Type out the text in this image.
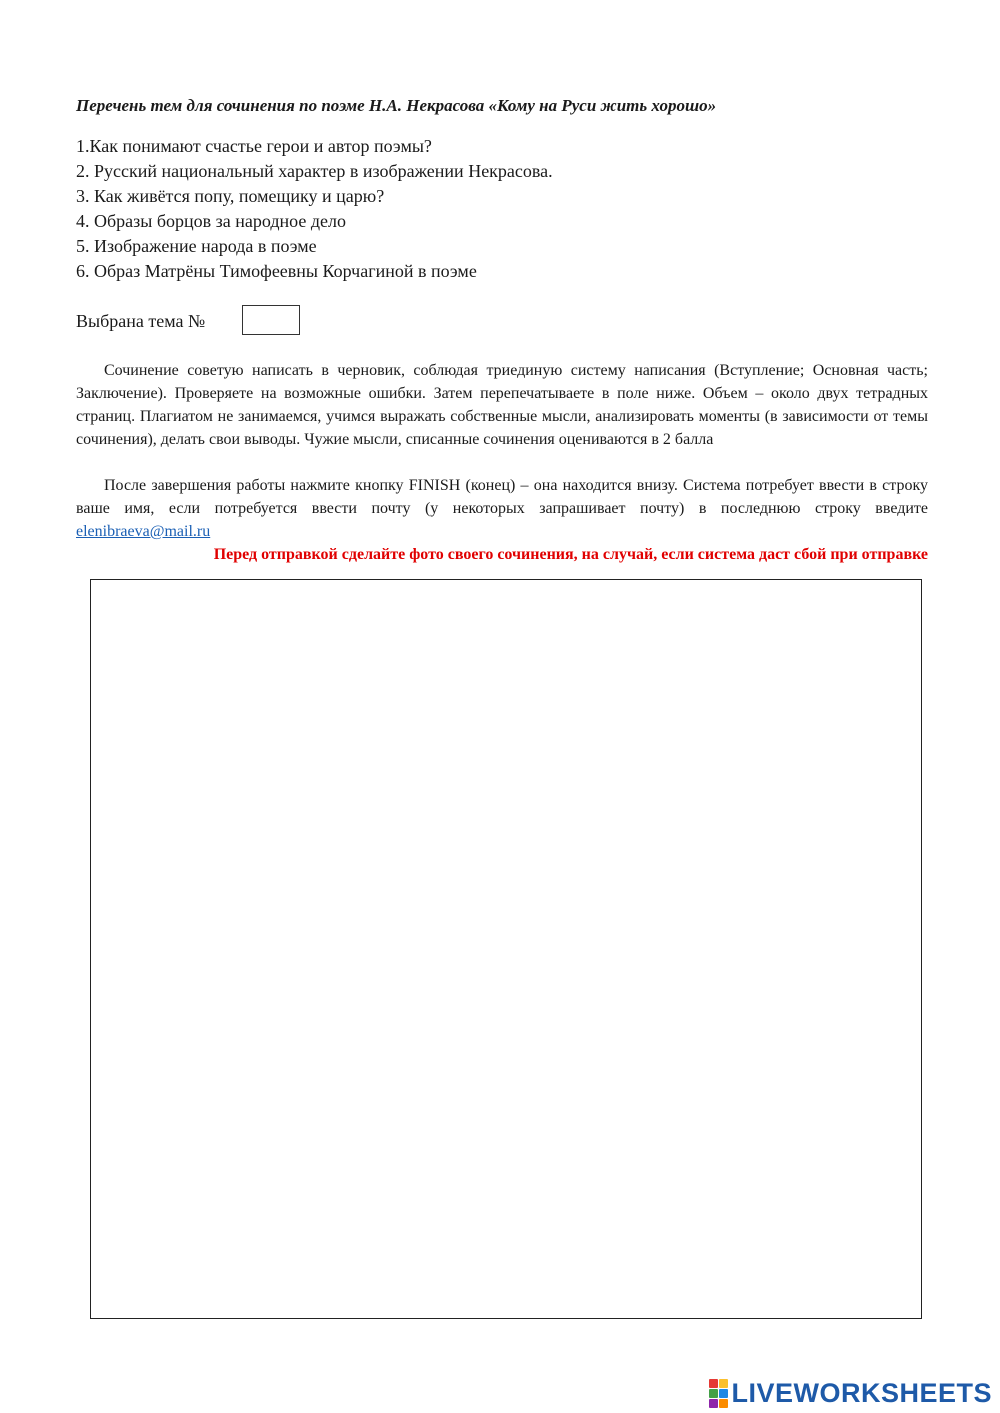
Перечень тем для сочинения по поэме Н.А. Некрасова «Кому на Руси жить хорошо»
1.Как понимают счастье герои и автор поэмы?
2. Русский национальный характер в изображении Некрасова.
3. Как живётся попу, помещику и царю?
4. Образы борцов за народное дело
5. Изображение народа в поэме
6. Образ Матрёны Тимофеевны Корчагиной в поэме
Выбрана тема №

Сочинение советую написать в черновик, соблюдая триединую систему написания (Вступление; Основная часть; Заключение). Проверяете на возможные ошибки. Затем перепечатываете в поле ниже. Объем – около двух тетрадных страниц. Плагиатом не занимаемся, учимся выражать собственные мысли, анализировать моменты (в зависимости от темы сочинения), делать свои выводы. Чужие мысли, списанные сочинения оцениваются в 2 балла

После завершения работы нажмите кнопку FINISH (конец) – она находится внизу. Система потребует ввести в строку ваше имя, если потребуется ввести почту (у некоторых запрашивает почту) в последнюю строку введите elenibraeva@mail.ru

Перед отправкой сделайте фото своего сочинения, на случай, если система даст сбой при отправке
LIVEWORKSHEETS
